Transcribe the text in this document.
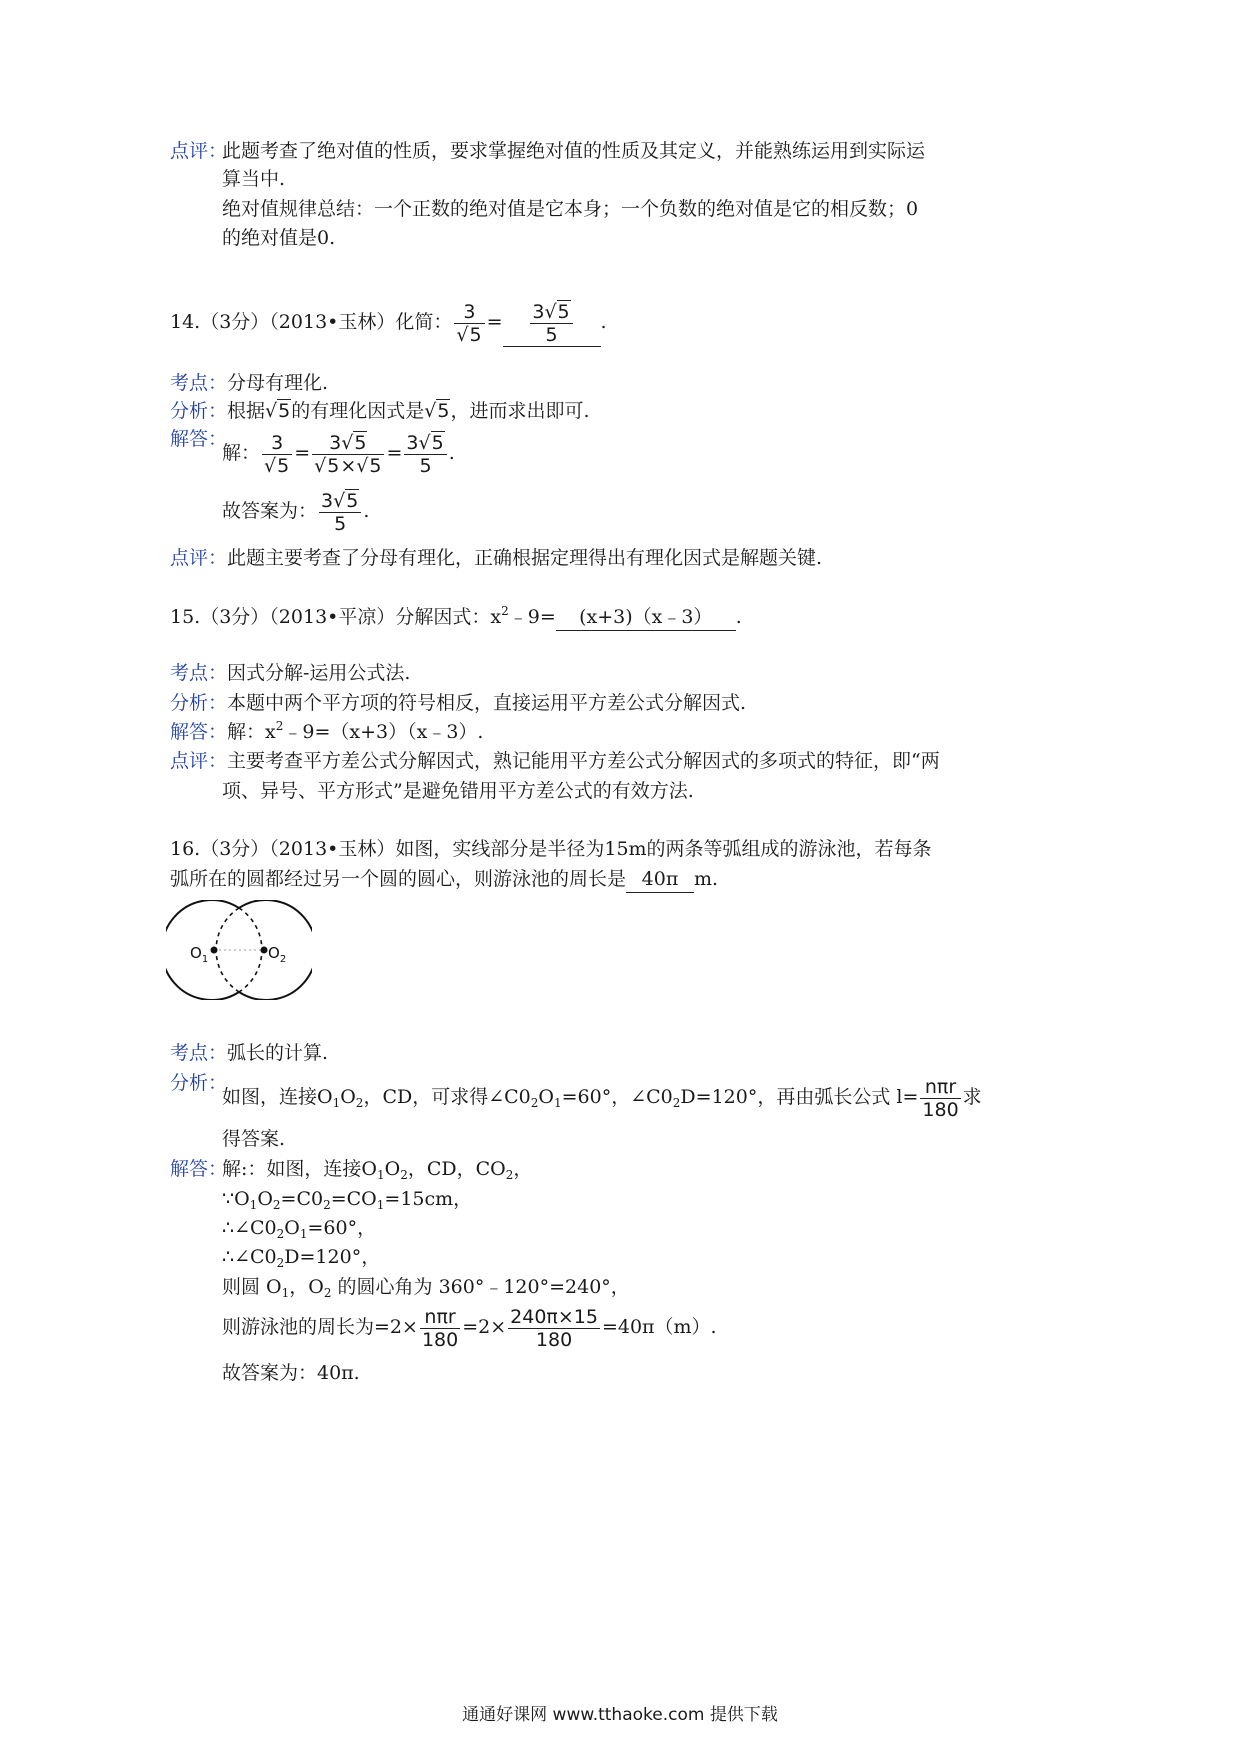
点评：
此题考查了绝对值的性质，要求掌握绝对值的性质及其定义，并能熟练运用到实际运
算当中.
绝对值规律总结：一个正数的绝对值是它本身；一个负数的绝对值是它的相反数；0
的绝对值是0.
14.（3分）（2013•玉林）化简： $\frac{3}{√5} = \frac{3√5}{5}$ .
考点：分母有理化.
分析：根据√5的有理化因式是√5，进而求出即可.
解答：
解： $\frac{3}{√5} = \frac{3√5}{√5\times√5} = \frac{3√5}{5}$ .
故答案为： $\frac{3√5}{5}$ .
点评：此题主要考查了分母有理化，正确根据定理得出有理化因式是解题关键.
15.（3分）（2013•平凉）分解因式：$x^2﹣9=$ (x+3)（x﹣3） .
考点：因式分解-运用公式法.
分析：本题中两个平方项的符号相反，直接运用平方差公式分解因式.
解答：解：$x^2﹣9=(x+3)(x﹣3)$.
点评：主要考查平方差公式分解因式，熟记能用平方差公式分解因式的多项式的特征，即“两
项、异号、平方形式”是避免错用平方差公式的有效方法.
16.（3分）（2013•玉林）如图，实线部分是半径为15m的两条等弧组成的游泳池，若每条
弧所在的圆都经过另一个圆的圆心，则游泳池的周长是 40π m.
$O_1$	$O_2$
考点：弧长的计算.
分析：
如图，连接$O_1O_2$，CD，可求得$\angle C0_2O_1=60^\circ$，$\angle C0_2D=120^\circ$，再由弧长公式 $l= \frac{\text{nπr}}{180}$ 求
得答案.
解答：
解:：如图，连接$O_1O_2$，CD，$CO_2$，
$\because O_1O_2=C0_2=CO_1=15cm$，
$\therefore\angle C0_2O_1=60^\circ$，
$\therefore\angle C0_2D=120^\circ$，
则圆 $O_1$，$O_2$ 的圆心角为 360°﹣120°=240°，
则游泳池的周长为$=2\times \frac{\text{nπr}}{180} =2\times \frac{240\pi\times 15}{180} =40\pi(m)$.
故答案为：40π.
通通好课网 www.tthaoke.com 提供下载
